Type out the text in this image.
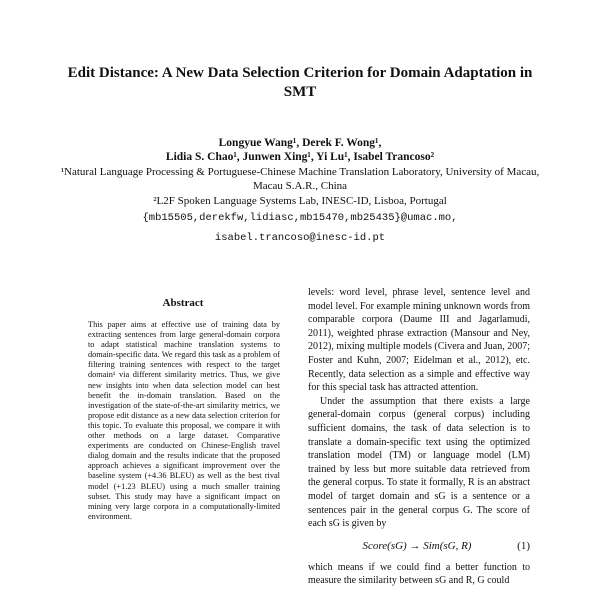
Edit Distance: A New Data Selection Criterion for Domain Adaptation in SMT
Longyue Wang¹, Derek F. Wong¹,
Lidia S. Chao¹, Junwen Xing¹, Yi Lu¹, Isabel Trancoso²
¹Natural Language Processing & Portuguese-Chinese Machine Translation Laboratory, University of Macau, Macau S.A.R., China
²L2F Spoken Language Systems Lab, INESC-ID, Lisboa, Portugal
{mb15505,derekfw,lidiasc,mb15470,mb25435}@umac.mo,
isabel.trancoso@inesc-id.pt
Abstract
This paper aims at effective use of training data by extracting sentences from large general-domain corpora to adapt statistical machine translation systems to domain-specific data. We regard this task as a problem of filtering training sentences with respect to the target domain¹ via different similarity metrics. Thus, we give new insights into when data selection model can best benefit the in-domain translation. Based on the investigation of the state-of-the-art similarity metrics, we propose edit distance as a new data selection criterion for this topic. To evaluate this proposal, we compare it with other methods on a large dataset. Comparative experiments are conducted on Chinese-English travel dialog domain and the results indicate that the proposed approach achieves a significant improvement over the baseline system (+4.36 BLEU) as well as the best rival model (+1.23 BLEU) using a much smaller training subset. This study may have a significant impact on mining very large corpora in a computationally-limited environment.

levels: word level, phrase level, sentence level and model level. For example mining unknown words from comparable corpora (Daume III and Jagarlamudi, 2011), weighted phrase extraction (Mansour and Ney, 2012), mixing multiple models (Civera and Juan, 2007; Foster and Kuhn, 2007; Eidelman et al., 2012), etc. Recently, data selection as a simple and effective way for this special task has attracted attention.

Under the assumption that there exists a large general-domain corpus (general corpus) including sufficient domains, the task of data selection is to translate a domain-specific text using the optimized translation model (TM) or language model (LM) trained by less but more suitable data retrieved from the general corpus. To state it formally, R is an abstract model of target domain and sG is a sentence or a sentences pair in the general corpus G. The score of each sG is given by

Score(sG) → Sim(sG, R)	(1)

which means if we could find a better function to measure the similarity between sG and R, G could
